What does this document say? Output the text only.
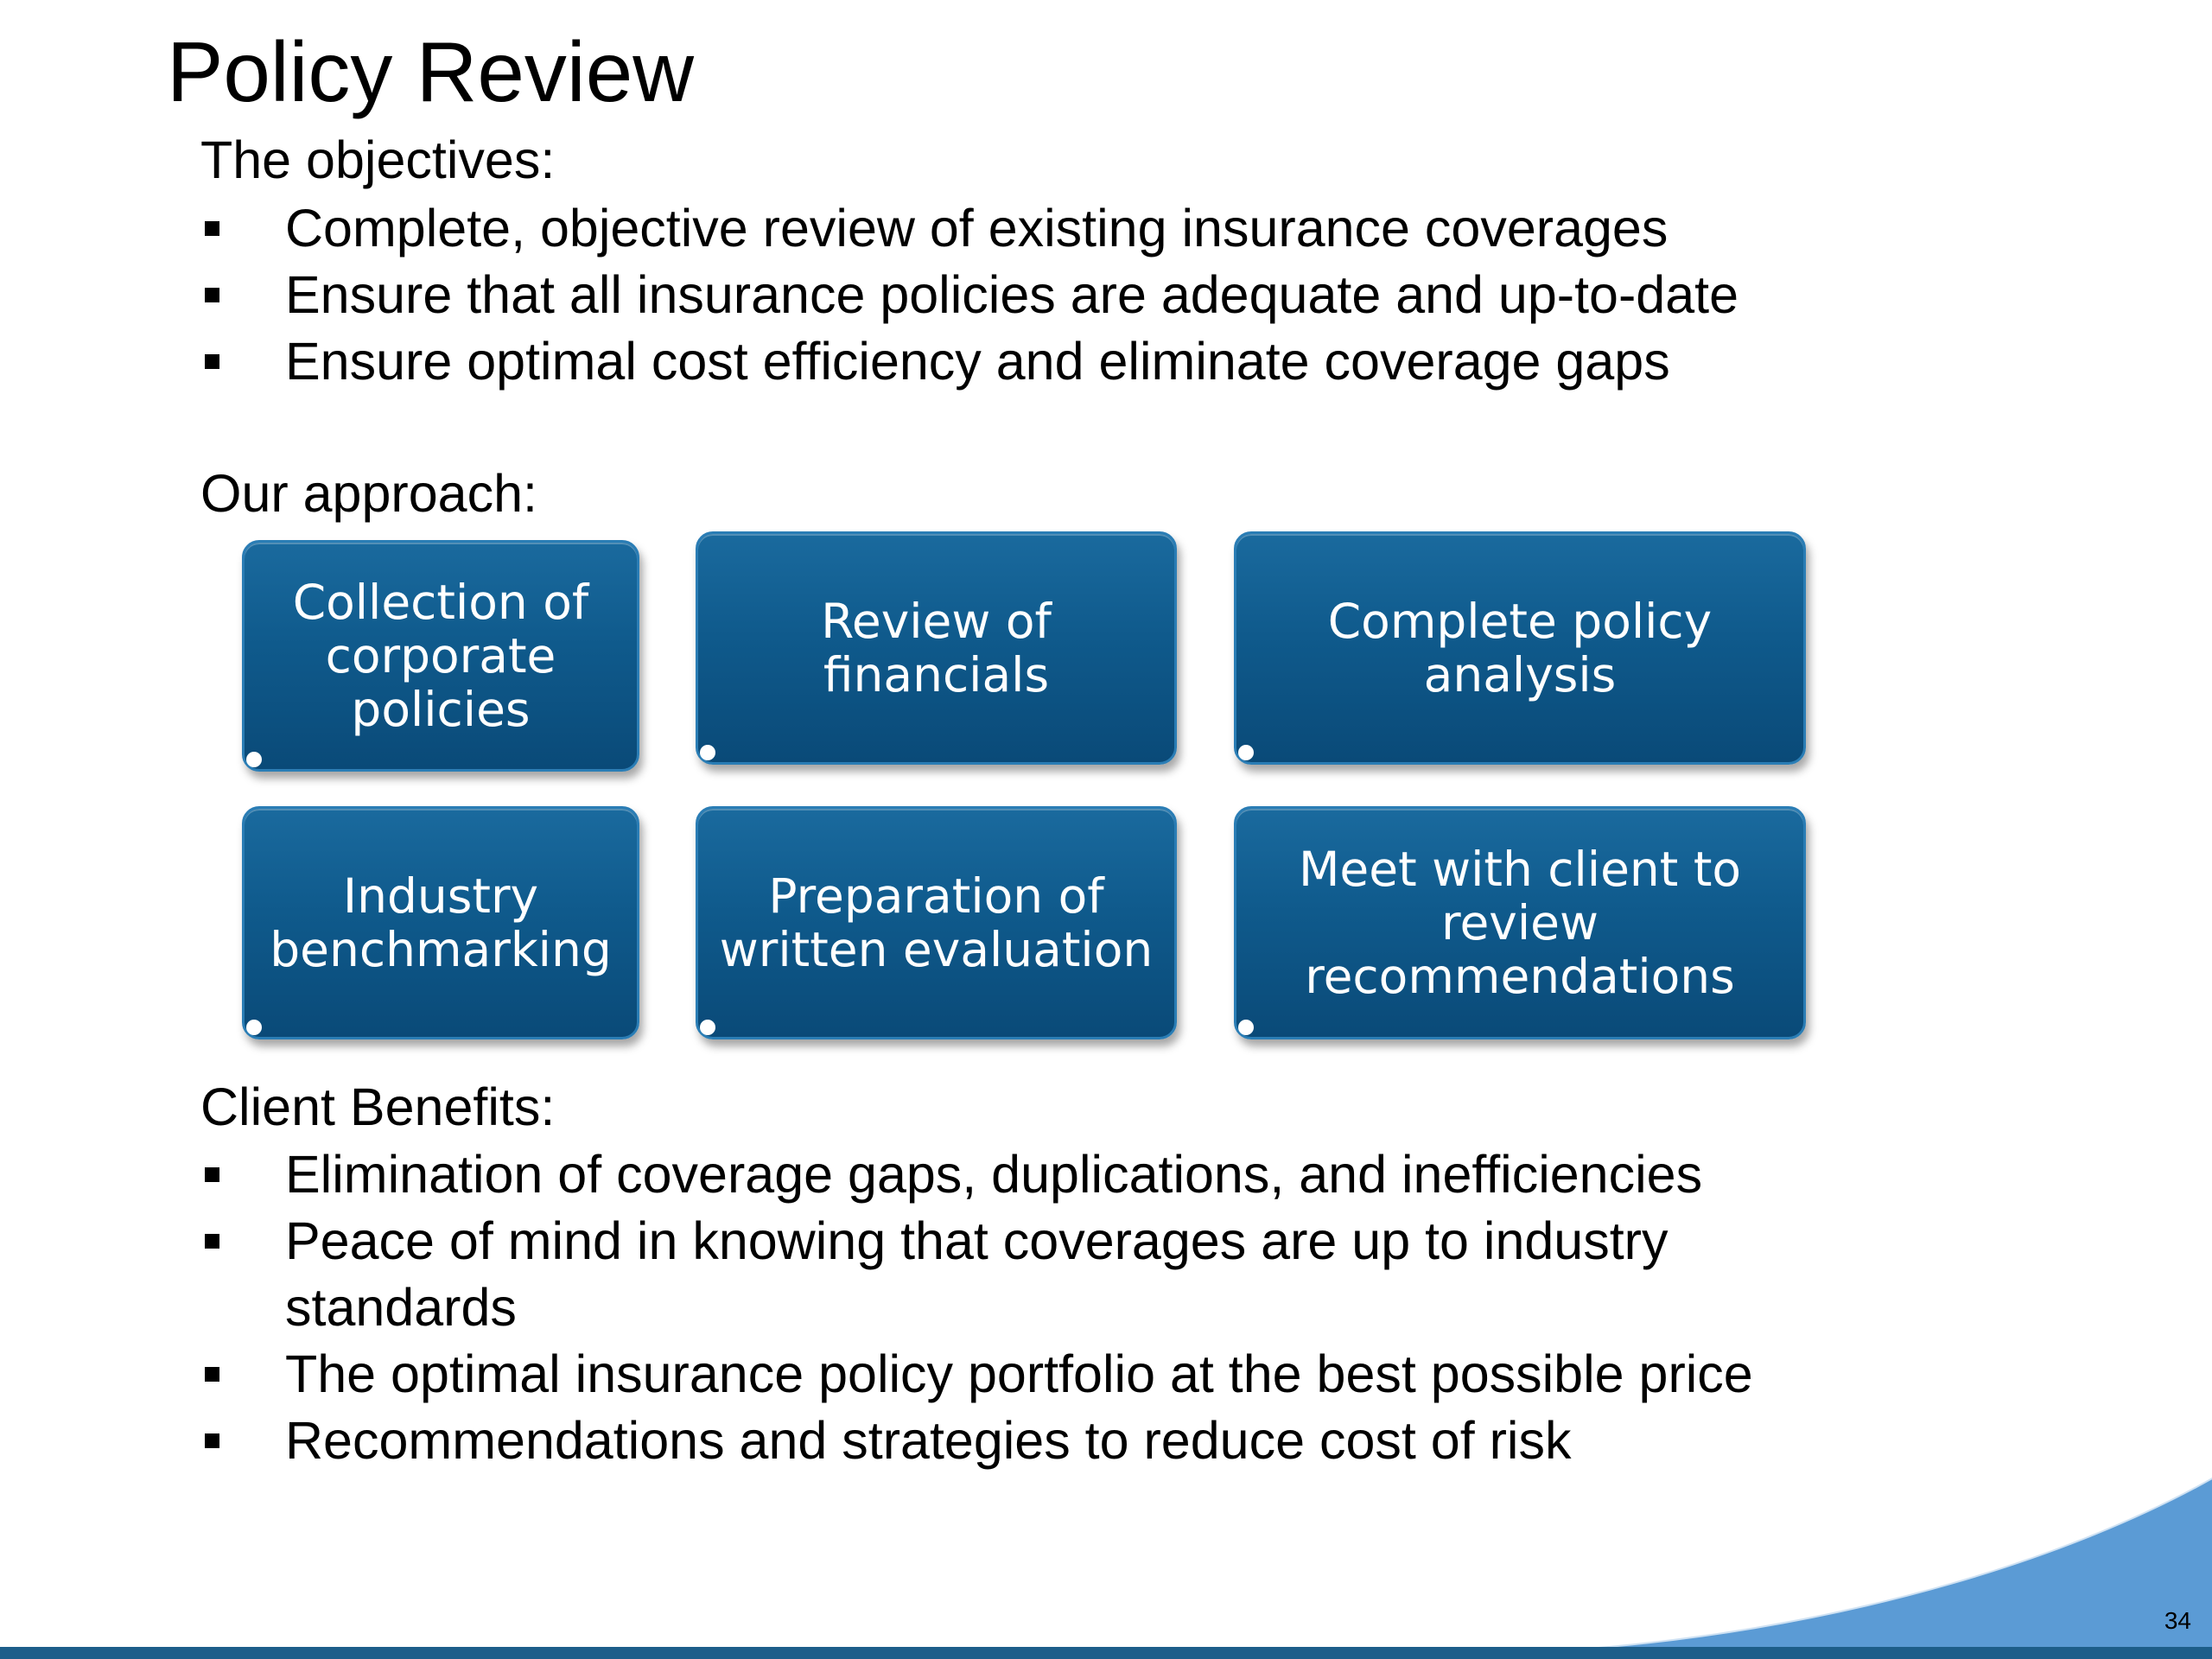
Policy Review
The objectives:
Complete, objective review of existing insurance coverages
Ensure that all insurance policies are adequate and up-to-date
Ensure optimal cost efficiency and eliminate coverage gaps
Our approach:
Collection of corporate policies
Review of financials
Complete policy analysis
Industry benchmarking
Preparation of written evaluation
Meet with client to review recommendations
Client Benefits:
Elimination of coverage gaps, duplications, and inefficiencies
Peace of mind in knowing that coverages are up to industry standards
The optimal insurance policy portfolio at the best possible price
Recommendations and strategies to reduce cost of risk
34
